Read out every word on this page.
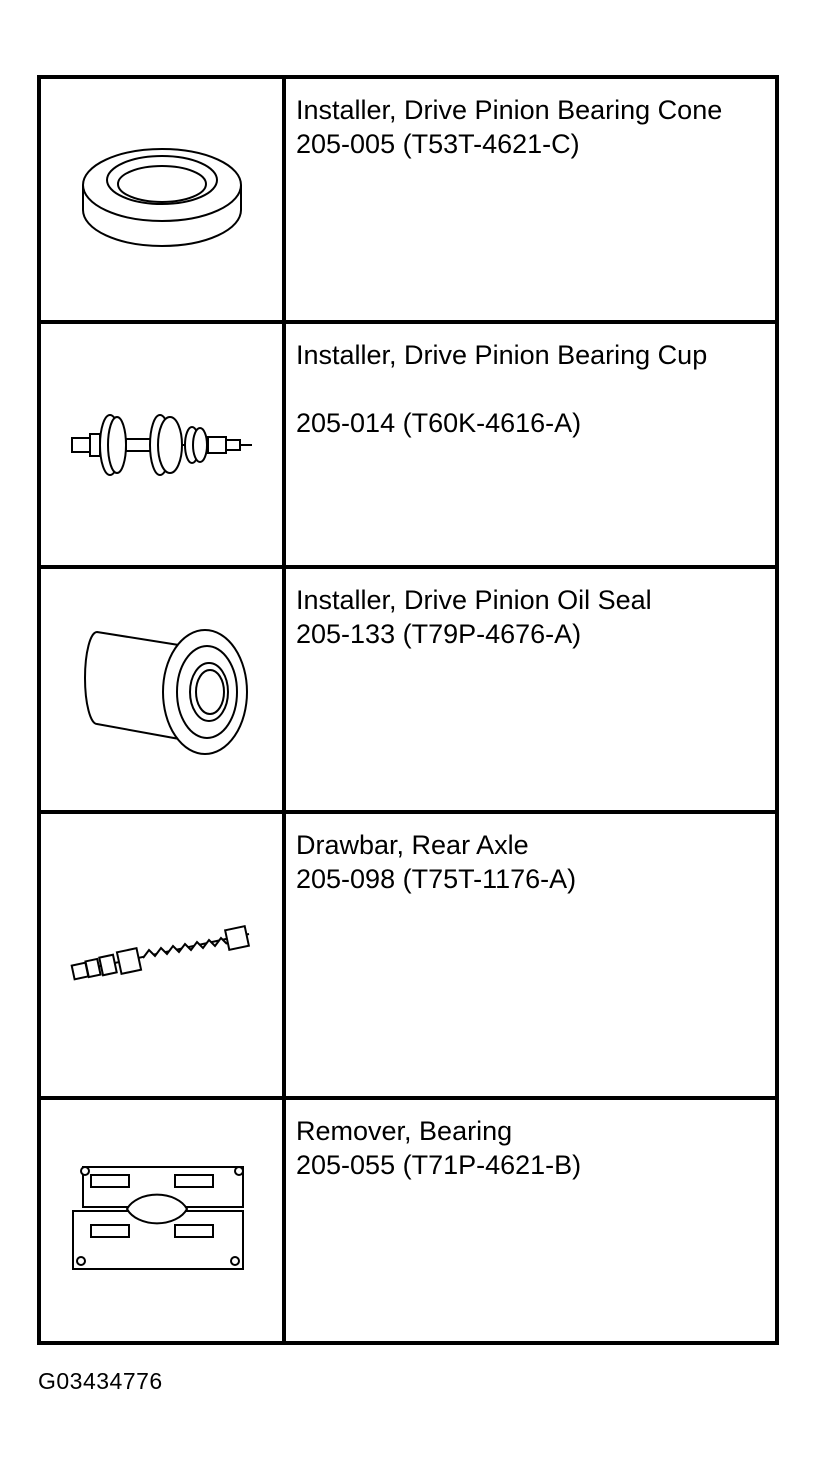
Installer, Drive Pinion Bearing Cone
205-005 (T53T-4621-C)
Installer, Drive Pinion Bearing Cup
205-014 (T60K-4616-A)
Installer, Drive Pinion Oil Seal
205-133 (T79P-4676-A)
Drawbar, Rear Axle
205-098 (T75T-1176-A)
Remover, Bearing
205-055 (T71P-4621-B)
G03434776
